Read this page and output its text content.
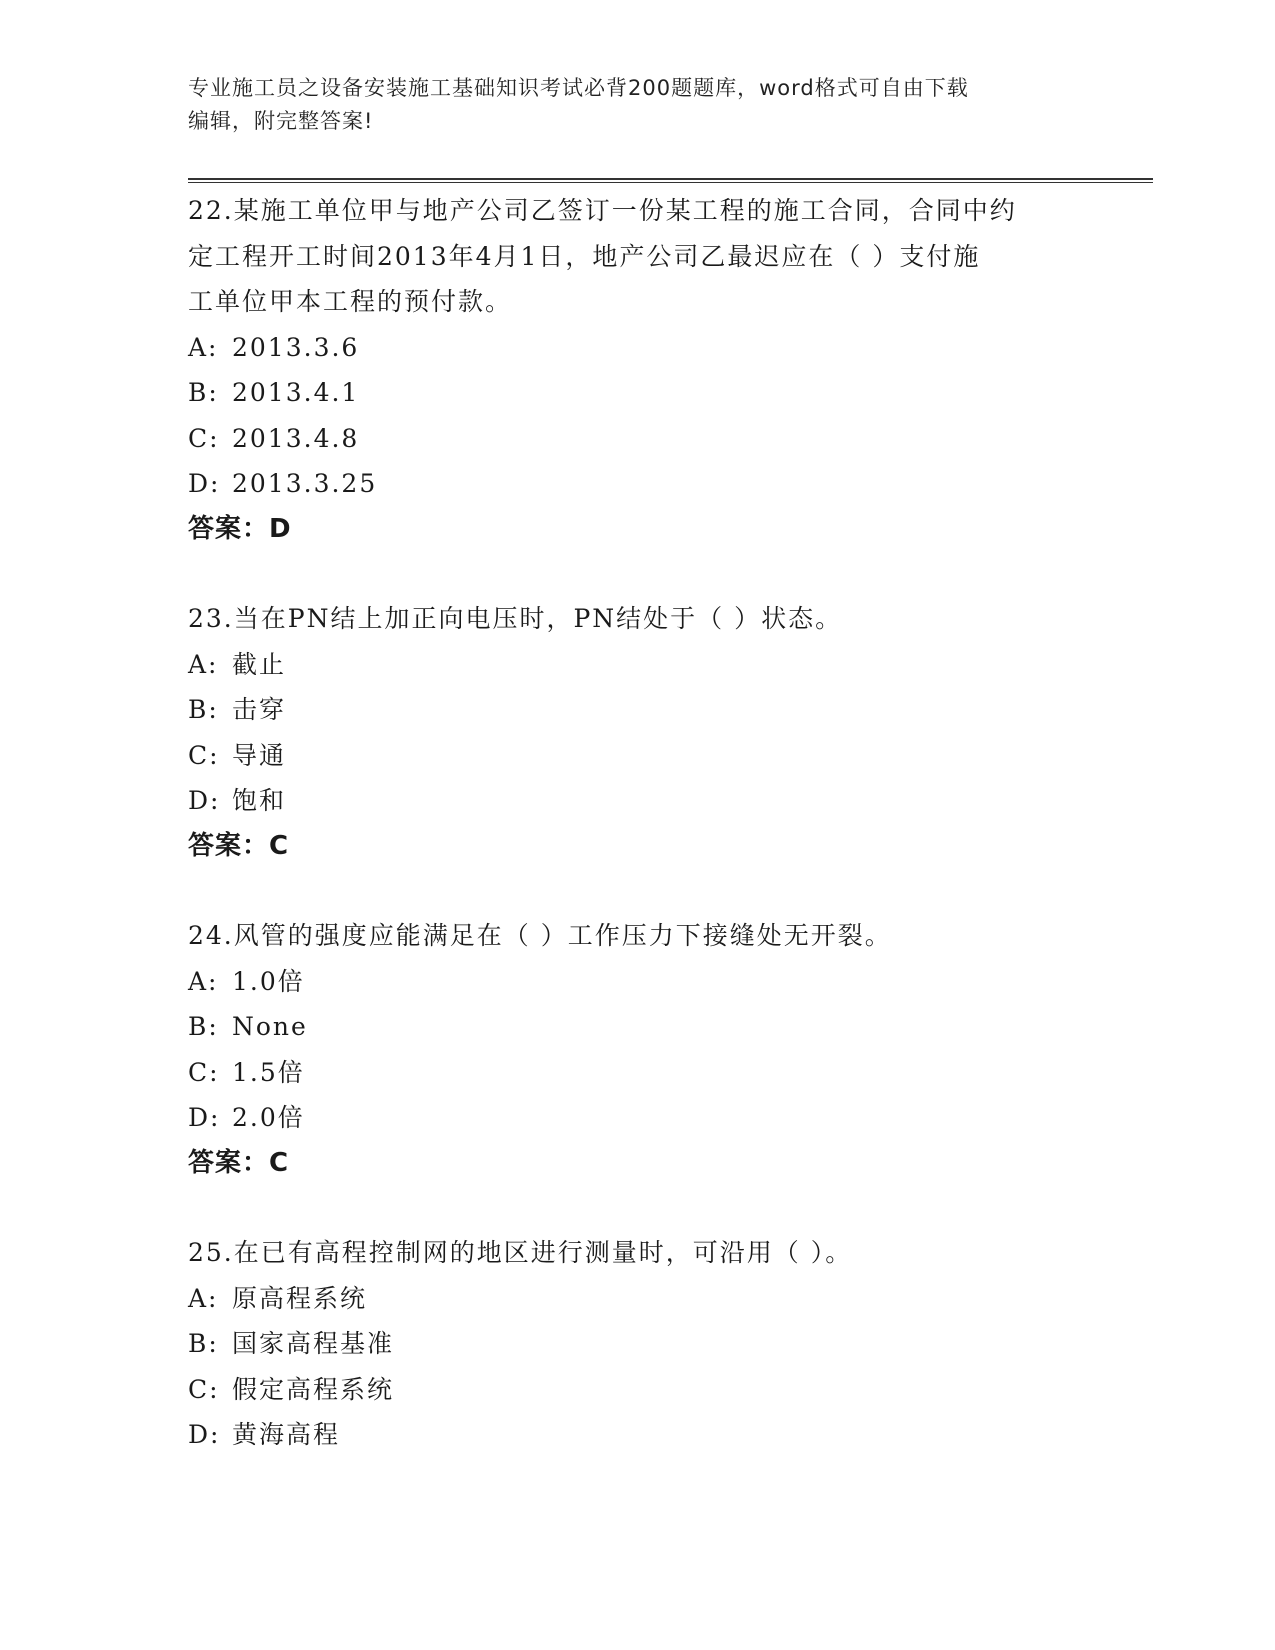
专业施工员之设备安装施工基础知识考试必背200题题库，word格式可自由下载
编辑，附完整答案!
22.某施工单位甲与地产公司乙签订一份某工程的施工合同，合同中约
定工程开工时间2013年4月1日，地产公司乙最迟应在（ ）支付施
工单位甲本工程的预付款。
A: 2013.3.6
B: 2013.4.1
C: 2013.4.8
D: 2013.3.25
答案：D
23.当在PN结上加正向电压时，PN结处于（ ）状态。
A: 截止
B: 击穿
C: 导通
D: 饱和
答案：C
24.风管的强度应能满足在（ ）工作压力下接缝处无开裂。
A: 1.0倍
B: None
C: 1.5倍
D: 2.0倍
答案：C
25.在已有高程控制网的地区进行测量时，可沿用（ ）。
A: 原高程系统
B: 国家高程基准
C: 假定高程系统
D: 黄海高程
